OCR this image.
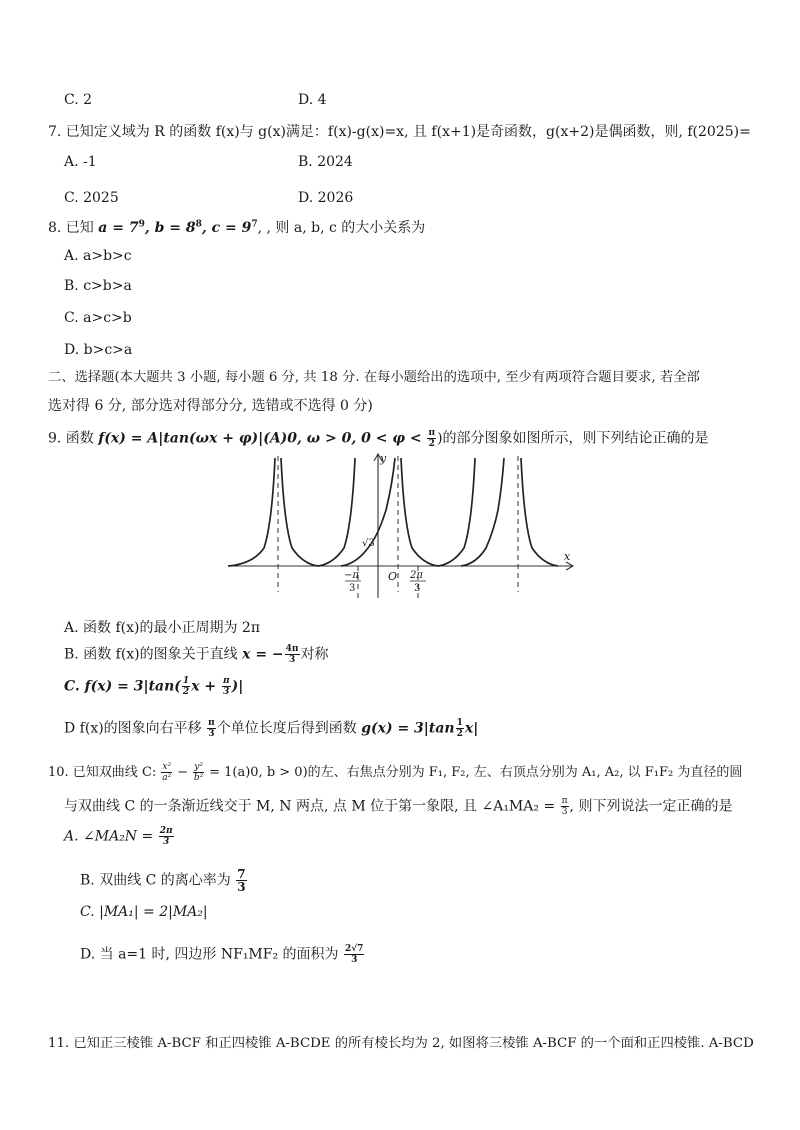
C. 2	D. 4
7. 已知定义域为 R 的函数 f(x)与 g(x)满足：f(x)-g(x)=x, 且 f(x+1)是奇函数，g(x+2)是偶函数，则, f(2025)=
A. -1	B. 2024
C. 2025	D. 2026
8. 已知 $a = 7^9$, $b = 8^8$, $c = 9^7$, , 则 a, b, c 的大小关系为
A. a>b>c
B. c>b>a
C. a>c>b
D. b>c>a
二、选择题(本大题共 3 小题, 每小题 6 分, 共 18 分. 在每小题给出的选项中, 至少有两项符合题目要求, 若全部
选对得 6 分, 部分选对得部分分, 选错或不选得 0 分)
9. 函数 f(x) = A|tan(ωx + φ)|(A)0, ω > 0, $0 < \varphi < \frac{\pi}{2}$ )的部分图象如图所示，则下列结论正确的是
y
x
O
√3
−π
3
2π
3
A. 函数 f(x)的最小正周期为 2π
B. 函数 f(x)的图象关于直线 x = − $\frac{4\pi}{3}$ 对称
C. $f(x) = 3|\tan( \frac{1}{2}$ $x + \frac{\pi}{3}$ )|
D f(x)的图象向右平移 $\frac{\pi}{3}$ 个单位长度后得到函数 $g(x) = 3|\tan \frac{1}{2} x|$
10. 已知双曲线 C: $\frac{\text{x²}}{\text{a²}} - \frac{\text{y²}}{\text{b²}} = 1(a)0$, b > 0)的左、右焦点分别为 F₁, F₂, 左、右顶点分别为 A₁, A₂, 以 F₁F₂ 为直径的圆
与双曲线 C 的一条渐近线交于 M, N 两点, 点 M 位于第一象限, 且 ∠A₁MA₂ = $\frac{\pi}{3}$ , 则下列说法一定正确的是
A. ∠MA₂N = $\frac{2\pi}{3}$
B. 双曲线 C 的离心率为 $\frac{7}{3}$
C. |MA₁| = 2|MA₂|
D. 当 a=1 时, 四边形 NF₁MF₂ 的面积为 $\frac{2√7}{3}$
11. 已知正三棱锥 A-BCF 和正四棱锥 A-BCDE 的所有棱长均为 2, 如图将三棱锥 A-BCF 的一个面和正四棱锥. A-BCD
